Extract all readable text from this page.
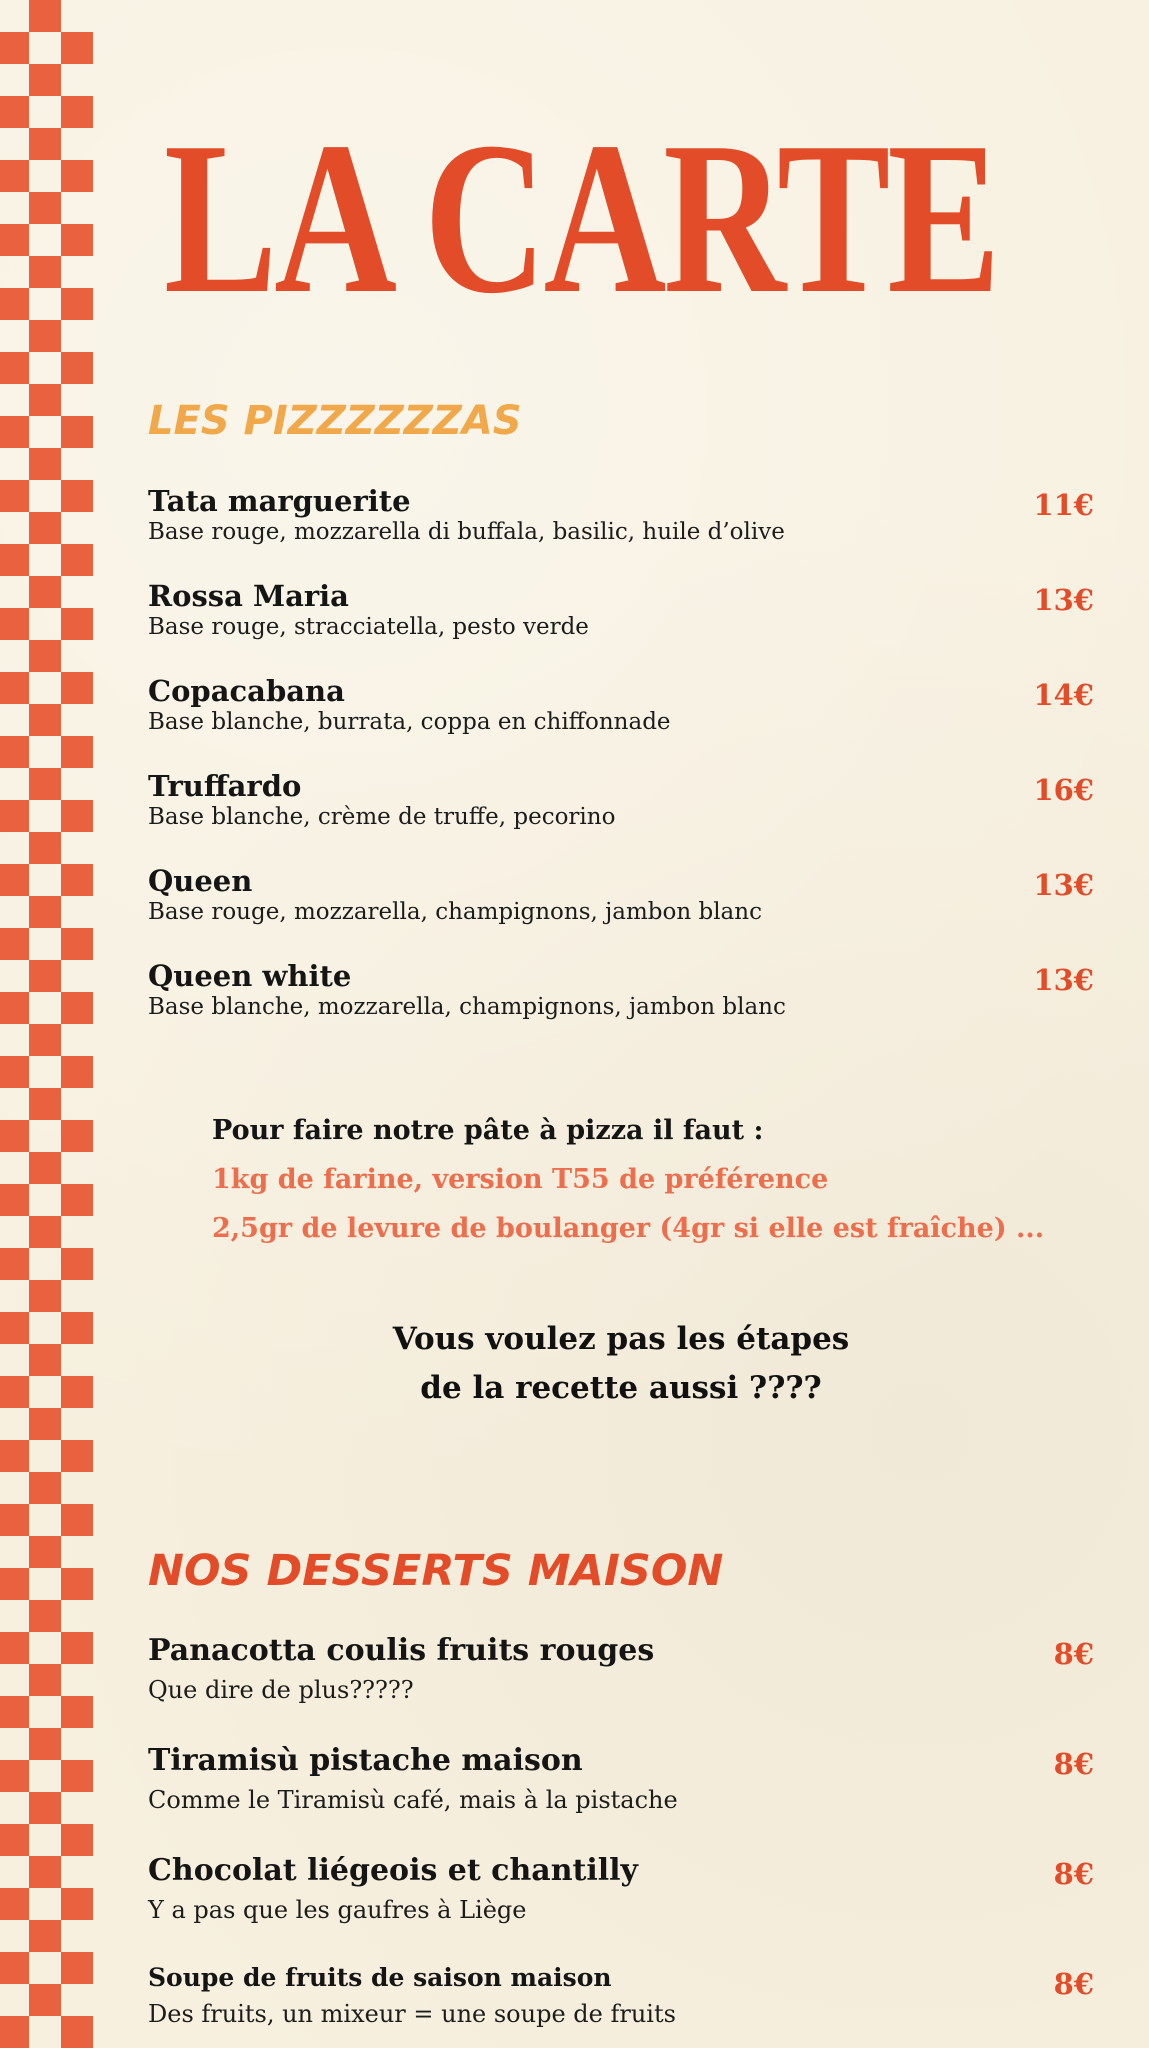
LA CARTE
LES PIZZZZZZAS
Tata marguerite
Base rouge, mozzarella di buffala, basilic, huile d’olive
11€
Rossa Maria
Base rouge, stracciatella, pesto verde
13€
Copacabana
Base blanche, burrata, coppa en chiffonnade
14€
Truffardo
Base blanche, crème de truffe, pecorino
16€
Queen
Base rouge, mozzarella, champignons, jambon blanc
13€
Queen white
Base blanche, mozzarella, champignons, jambon blanc
13€
Pour faire notre pâte à pizza il faut :
1kg de farine, version T55 de préférence
2,5gr de levure de boulanger (4gr si elle est fraîche) ...
Vous voulez pas les étapes
de la recette aussi ????
NOS DESSERTS MAISON
Panacotta coulis fruits rouges
Que dire de plus?????
8€
Tiramisù pistache maison
Comme le Tiramisù café, mais à la pistache
8€
Chocolat liégeois et chantilly
Y a pas que les gaufres à Liège
8€
Soupe de fruits de saison maison
Des fruits, un mixeur = une soupe de fruits
8€
